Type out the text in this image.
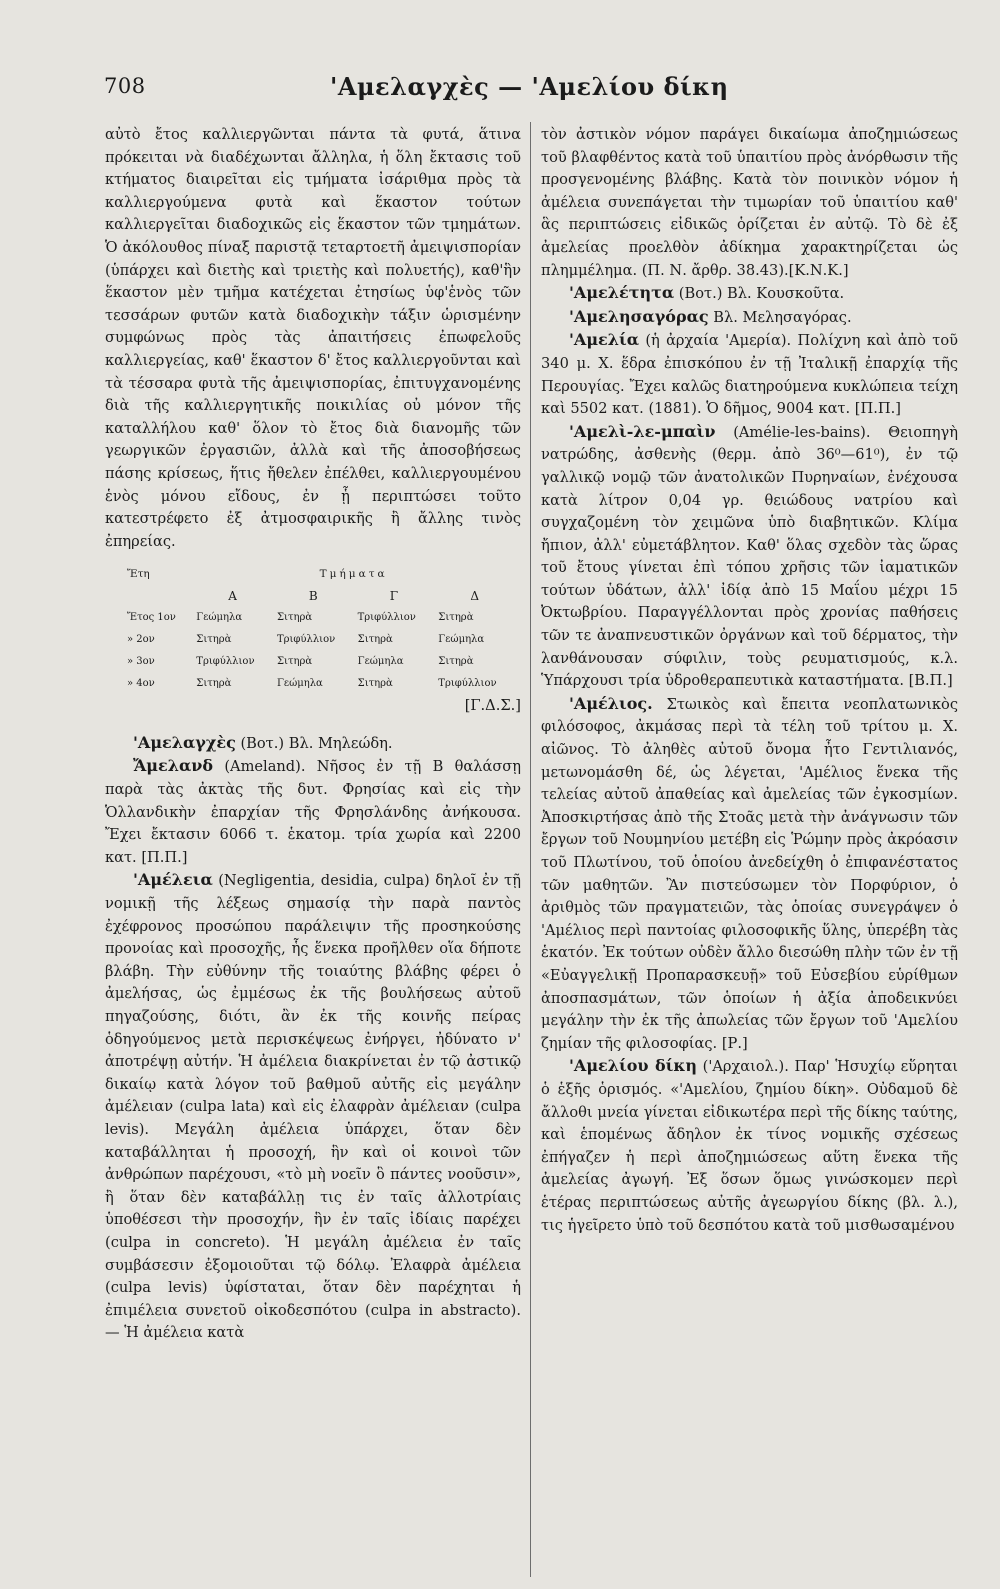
708	'Αμελαγχὲς — 'Αμελίου δίκη

αὐτὸ ἔτος καλλιεργῶνται πάντα τὰ φυτά, ἅτινα πρόκειται νὰ διαδέχωνται ἄλληλα, ἡ ὅλη ἔκτασις τοῦ κτήματος διαιρεῖται εἰς τμήματα ἰσάριθμα πρὸς τὰ καλλιεργούμενα φυτὰ καὶ ἕκαστον τούτων καλλιεργεῖται διαδοχικῶς εἰς ἕκαστον τῶν τμημάτων. Ὁ ἀκόλουθος πίναξ παριστᾷ τεταρτοετῆ ἀμειψισπορίαν (ὑπάρχει καὶ διετὴς καὶ τριετὴς καὶ πολυετής), καθ'ἣν ἕκαστον μὲν τμῆμα κατέχεται ἐτησίως ὑφ'ἑνὸς τῶν τεσσάρων φυτῶν κατὰ διαδοχικὴν τάξιν ὡρισμένην συμφώνως πρὸς τὰς ἀπαιτήσεις ἐπωφελοῦς καλλιεργείας, καθ' ἕκαστον δ' ἔτος καλλιεργοῦνται καὶ τὰ τέσσαρα φυτὰ τῆς ἀμειψισπορίας, ἐπιτυγχανομένης διὰ τῆς καλλιεργητικῆς ποικιλίας οὐ μόνον τῆς καταλλήλου καθ' ὅλον τὸ ἔτος διὰ διανομῆς τῶν γεωργικῶν ἐργασιῶν, ἀλλὰ καὶ τῆς ἀποσοβήσεως πάσης κρίσεως, ἥτις ἤθελεν ἐπέλθει, καλλιεργουμένου ἑνὸς μόνου εἴδους, ἐν ᾗ περιπτώσει τοῦτο κατεστρέφετο ἐξ ἀτμοσφαιρικῆς ἢ ἄλλης τινὸς ἐπηρείας.

Ἔτη	Τμήματα			
	Α	Β	Γ	Δ
Ἔτος 1ον	Γεώμηλα	Σιτηρὰ	Τριφύλλιον	Σιτηρὰ
» 2ον	Σιτηρὰ	Τριφύλλιον	Σιτηρὰ	Γεώμηλα
» 3ον	Τριφύλλιον	Σιτηρὰ	Γεώμηλα	Σιτηρὰ
» 4ον	Σιτηρὰ	Γεώμηλα	Σιτηρὰ	Τριφύλλιον

[Γ.Δ.Σ.]

'Αμελαγχὲς (Βοτ.) Βλ. Μηλεώδη.

Ἄμελανδ (Ameland). Νῆσος ἐν τῇ Β θαλάσσῃ παρὰ τὰς ἀκτὰς τῆς δυτ. Φρησίας καὶ εἰς τὴν Ὁλλανδικὴν ἐπαρχίαν τῆς Φρησλάνδης ἀνήκουσα. Ἔχει ἔκτασιν 6066 τ. ἑκατομ. τρία χωρία καὶ 2200 κατ. [Π.Π.]

'Αμέλεια (Negligentia, desidia, culpa) δηλοῖ ἐν τῇ νομικῇ τῆς λέξεως σημασίᾳ τὴν παρὰ παντὸς ἐχέφρονος προσώπου παράλειψιν τῆς προσηκούσης προνοίας καὶ προσοχῆς, ἧς ἕνεκα προῆλθεν οἵα δήποτε βλάβη. Τὴν εὐθύνην τῆς τοιαύτης βλάβης φέρει ὁ ἀμελήσας, ὡς ἐμμέσως ἐκ τῆς βουλήσεως αὐτοῦ πηγαζούσης, διότι, ἂν ἐκ τῆς κοινῆς πείρας ὁδηγούμενος μετὰ περισκέψεως ἐνήργει, ἠδύνατο ν' ἀποτρέψῃ αὐτήν. Ἡ ἀμέλεια διακρίνεται ἐν τῷ ἀστικῷ δικαίῳ κατὰ λόγον τοῦ βαθμοῦ αὐτῆς εἰς μεγάλην ἀμέλειαν (culpa lata) καὶ εἰς ἐλαφρὰν ἀμέλειαν (culpa levis). Μεγάλη ἀμέλεια ὑπάρχει, ὅταν δὲν καταβάλληται ἡ προσοχή, ἣν καὶ οἱ κοινοὶ τῶν ἀνθρώπων παρέχουσι, «τὸ μὴ νοεῖν ὃ πάντες νοοῦσιν», ἢ ὅταν δὲν καταβάλλῃ τις ἐν ταῖς ἀλλοτρίαις ὑποθέσεσι τὴν προσοχήν, ἣν ἐν ταῖς ἰδίαις παρέχει (culpa in concreto). Ἡ μεγάλη ἀμέλεια ἐν ταῖς συμβάσεσιν ἐξομοιοῦται τῷ δόλῳ. Ἐλαφρὰ ἀμέλεια (culpa levis) ὑφίσταται, ὅταν δὲν παρέχηται ἡ ἐπιμέλεια συνετοῦ οἰκοδεσπότου (culpa in abstracto). — Ἡ ἀμέλεια κατὰ

τὸν ἀστικὸν νόμον παράγει δικαίωμα ἀποζημιώσεως τοῦ βλαφθέντος κατὰ τοῦ ὑπαιτίου πρὸς ἀνόρθωσιν τῆς προσγενομένης βλάβης. Κατὰ τὸν ποινικὸν νόμον ἡ ἀμέλεια συνεπάγεται τὴν τιμωρίαν τοῦ ὑπαιτίου καθ' ἃς περιπτώσεις εἰδικῶς ὁρίζεται ἐν αὐτῷ. Τὸ δὲ ἐξ ἀμελείας προελθὸν ἀδίκημα χαρακτηρίζεται ὡς πλημμέλημα. (Π. Ν. ἄρθρ. 38.43).[Κ.Ν.Κ.]

'Αμελέτητα (Βοτ.) Βλ. Κουσκοῦτα.

'Αμελησαγόρας Βλ. Μελησαγόρας.

'Αμελία (ἡ ἀρχαία 'Αμερία). Πολίχνη καὶ ἀπὸ τοῦ 340 μ. Χ. ἕδρα ἐπισκόπου ἐν τῇ Ἰταλικῇ ἐπαρχίᾳ τῆς Περουγίας. Ἔχει καλῶς διατηρούμενα κυκλώπεια τείχη καὶ 5502 κατ. (1881). Ὁ δῆμος, 9004 κατ. [Π.Π.]

'Αμελὶ-λε-μπαὶν (Amélie-les-bains). Θειοπηγὴ νατρώδης, ἀσθενὴς (θερμ. ἀπὸ 36⁰—61⁰), ἐν τῷ γαλλικῷ νομῷ τῶν ἀνατολικῶν Πυρηναίων, ἐνέχουσα κατὰ λίτρον 0,04 γρ. θειώδους νατρίου καὶ συγχαζομένη τὸν χειμῶνα ὑπὸ διαβητικῶν. Κλίμα ἤπιον, ἀλλ' εὐμετάβλητον. Καθ' ὅλας σχεδὸν τὰς ὥρας τοῦ ἔτους γίνεται ἐπὶ τόπου χρῆσις τῶν ἰαματικῶν τούτων ὑδάτων, ἀλλ' ἰδίᾳ ἀπὸ 15 Μαΐου μέχρι 15 Ὀκτωβρίου. Παραγγέλλονται πρὸς χρονίας παθήσεις τῶν τε ἀναπνευστικῶν ὀργάνων καὶ τοῦ δέρματος, τὴν λανθάνουσαν σύφιλιν, τοὺς ρευματισμούς, κ.λ. Ὑπάρχουσι τρία ὑδροθεραπευτικὰ καταστήματα. [Β.Π.]

'Αμέλιος. Στωικὸς καὶ ἔπειτα νεοπλατωνικὸς φιλόσοφος, ἀκμάσας περὶ τὰ τέλη τοῦ τρίτου μ. Χ. αἰῶνος. Τὸ ἀληθὲς αὐτοῦ ὄνομα ἦτο Γεντιλιανός, μετωνομάσθη δέ, ὡς λέγεται, 'Αμέλιος ἕνεκα τῆς τελείας αὐτοῦ ἀπαθείας καὶ ἀμελείας τῶν ἐγκοσμίων. Ἀποσκιρτήσας ἀπὸ τῆς Στοᾶς μετὰ τὴν ἀνάγνωσιν τῶν ἔργων τοῦ Νουμηνίου μετέβη εἰς Ῥώμην πρὸς ἀκρόασιν τοῦ Πλωτίνου, τοῦ ὁποίου ἀνεδείχθη ὁ ἐπιφανέστατος τῶν μαθητῶν. Ἂν πιστεύσωμεν τὸν Πορφύριον, ὁ ἀριθμὸς τῶν πραγματειῶν, τὰς ὁποίας συνεγράψεν ὁ 'Αμέλιος περὶ παντοίας φιλοσοφικῆς ὕλης, ὑπερέβη τὰς ἑκατόν. Ἐκ τούτων οὐδὲν ἄλλο διεσώθη πλὴν τῶν ἐν τῇ «Εὐαγγελικῇ Προπαρασκευῇ» τοῦ Εὐσεβίου εὑρίθμων ἀποσπασμάτων, τῶν ὁποίων ἡ ἀξία ἀποδεικνύει μεγάλην τὴν ἐκ τῆς ἀπωλείας τῶν ἔργων τοῦ 'Αμελίου ζημίαν τῆς φιλοσοφίας. [Ρ.]

'Αμελίου δίκη ('Αρχαιολ.). Παρ' Ἡσυχίῳ εὕρηται ὁ ἑξῆς ὁρισμός. «'Αμελίου, ζημίου δίκη». Οὐδαμοῦ δὲ ἄλλοθι μνεία γίνεται εἰδικωτέρα περὶ τῆς δίκης ταύτης, καὶ ἑπομένως ἄδηλον ἐκ τίνος νομικῆς σχέσεως ἐπήγαζεν ἡ περὶ ἀποζημιώσεως αὕτη ἕνεκα τῆς ἀμελείας ἀγωγή. Ἐξ ὅσων ὅμως γινώσκομεν περὶ ἑτέρας περιπτώσεως αὐτῆς ἀγεωργίου δίκης (βλ. λ.), τις ἡγεῖρετο ὑπὸ τοῦ δεσπότου κατὰ τοῦ μισθωσαμένου
